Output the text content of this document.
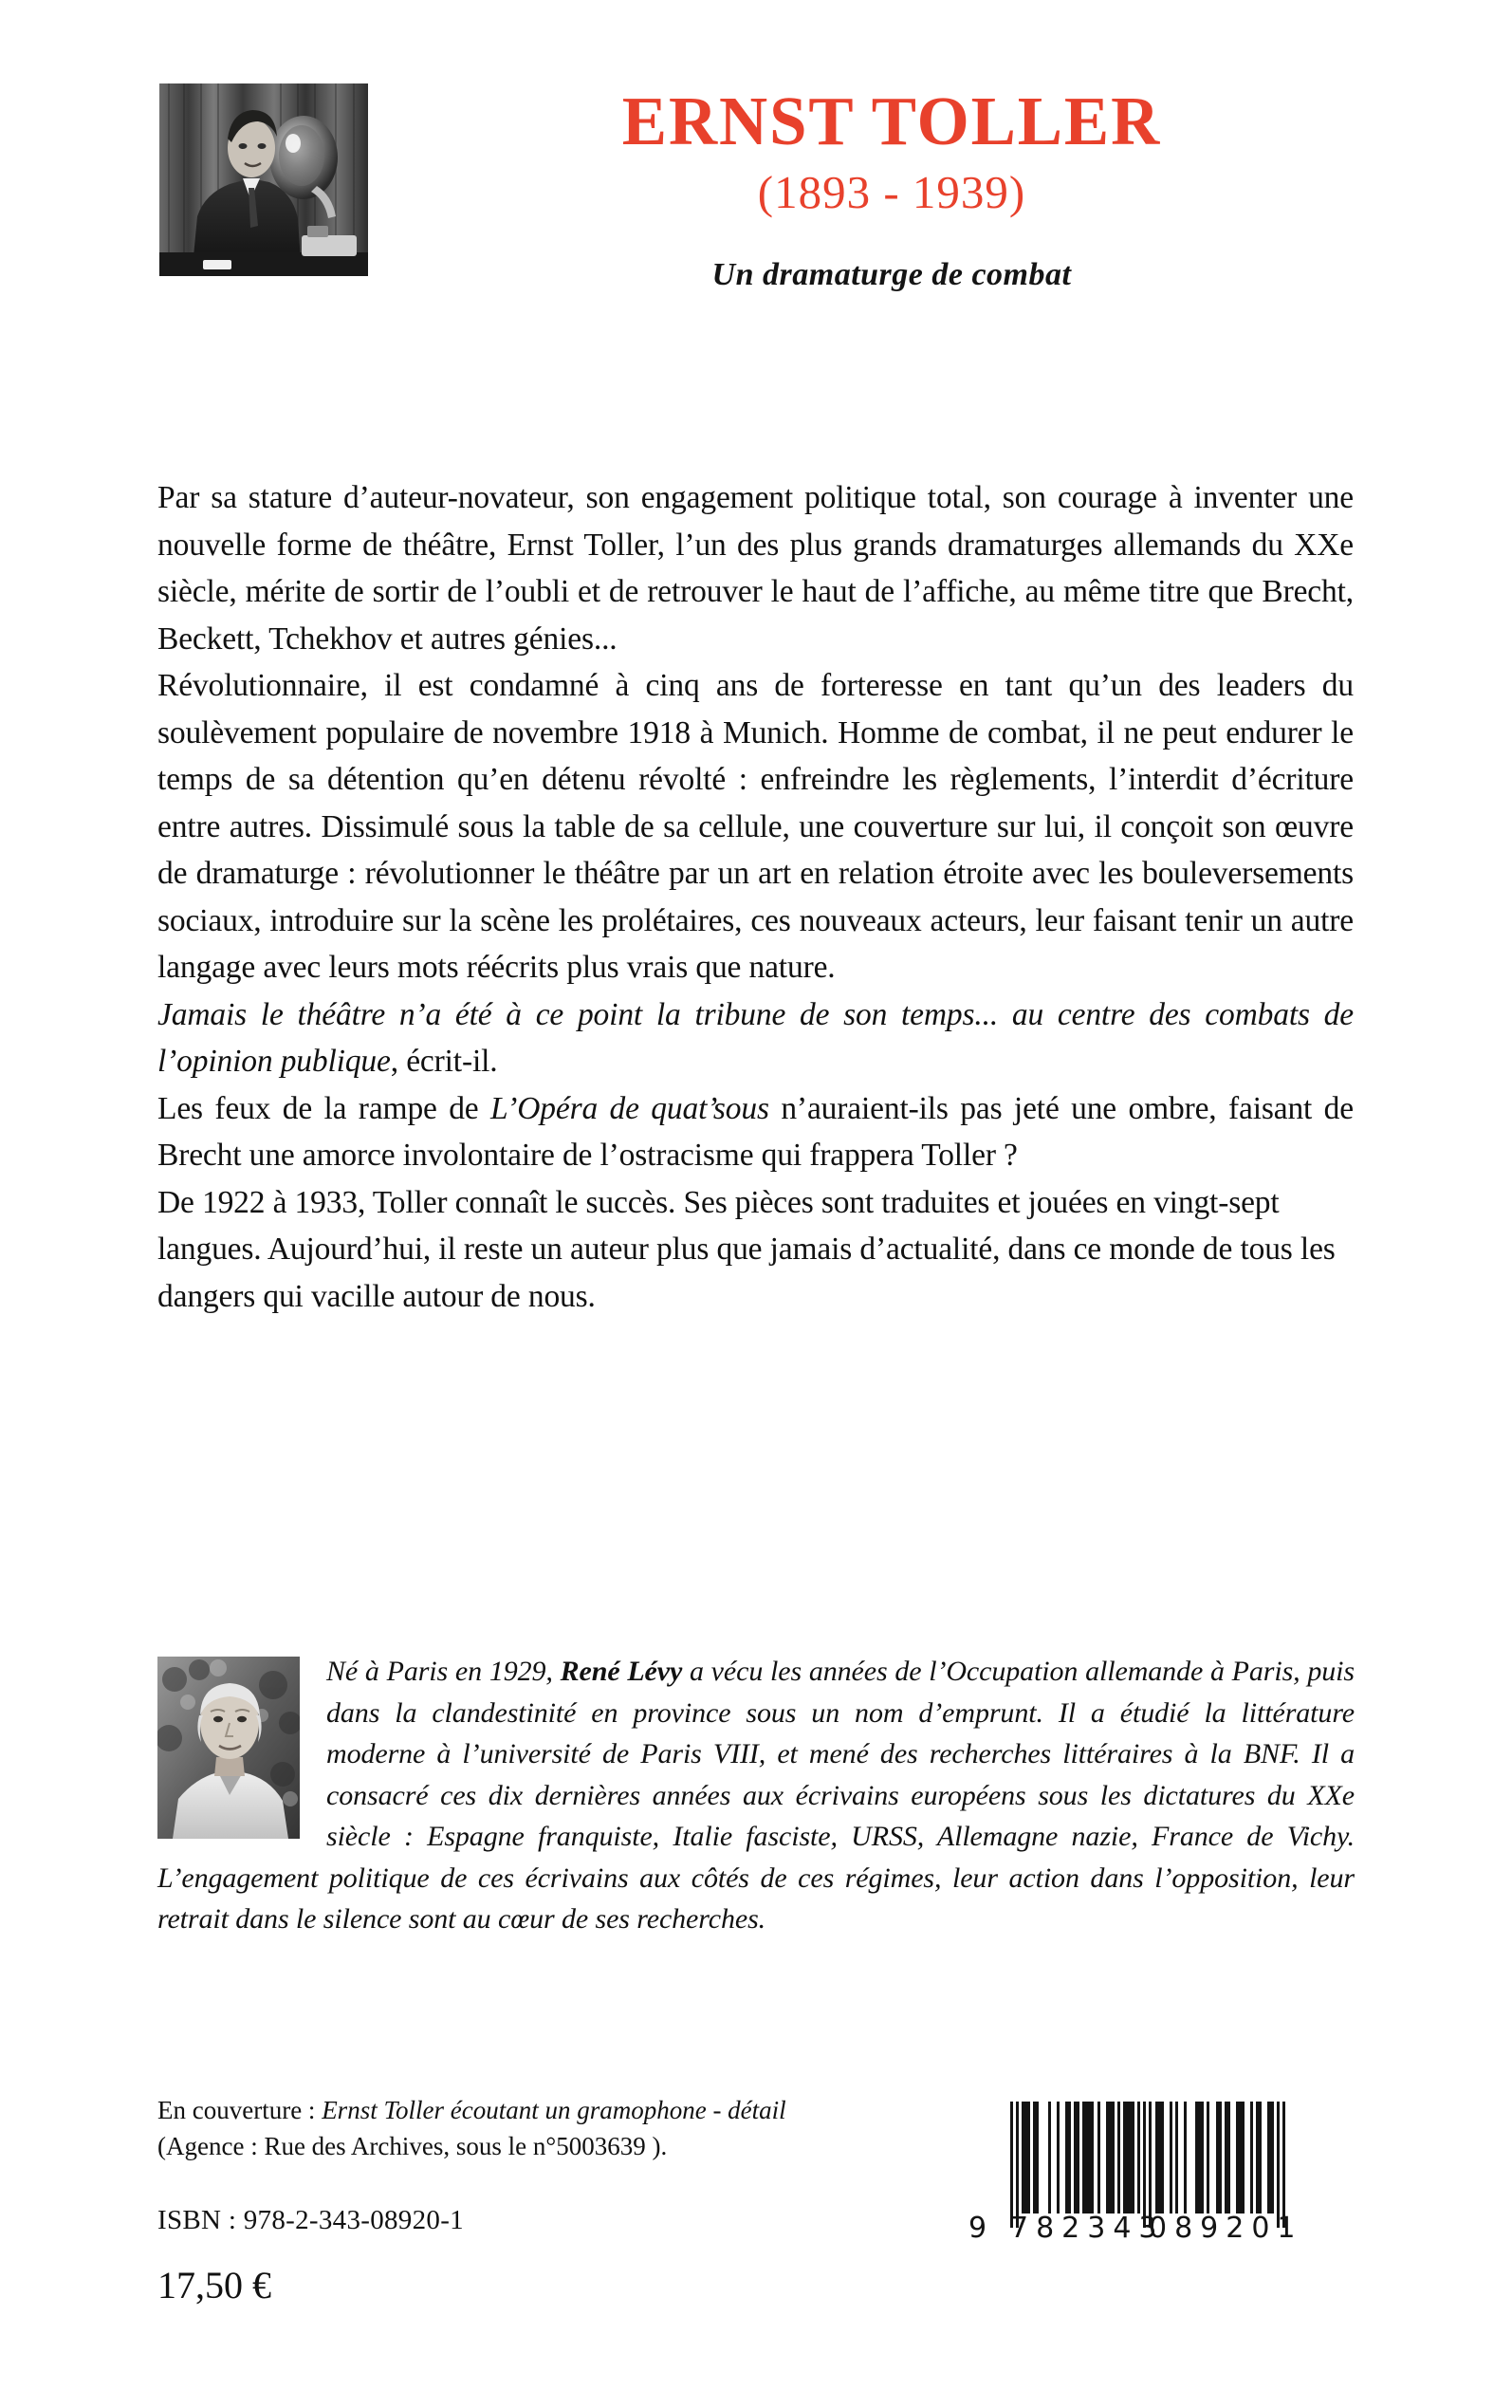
ERNST TOLLER
(1893 - 1939)
Un dramaturge de combat

Par sa stature d’auteur-novateur, son engagement politique total, son courage à inventer une nouvelle forme de théâtre, Ernst Toller, l’un des plus grands dramaturges allemands du XXe siècle, mérite de sortir de l’oubli et de retrouver le haut de l’affiche, au même titre que Brecht, Beckett, Tchekhov et autres génies...

Révolutionnaire, il est condamné à cinq ans de forteresse en tant qu’un des leaders du soulèvement populaire de novembre 1918 à Munich. Homme de combat, il ne peut endurer le temps de sa détention qu’en détenu révolté : enfreindre les règlements, l’interdit d’écriture entre autres. Dissimulé sous la table de sa cellule, une couverture sur lui, il conçoit son œuvre de dramaturge : révolutionner le théâtre par un art en relation étroite avec les bouleversements sociaux, introduire sur la scène les prolétaires, ces nouveaux acteurs, leur faisant tenir un autre langage avec leurs mots réécrits plus vrais que nature.

Jamais le théâtre n’a été à ce point la tribune de son temps... au centre des combats de l’opinion publique, écrit-il.

Les feux de la rampe de L’Opéra de quat’sous n’auraient-ils pas jeté une ombre, faisant de Brecht une amorce involontaire de l’ostracisme qui frappera Toller ?

De 1922 à 1933, Toller connaît le succès. Ses pièces sont traduites et jouées en vingt-sept langues. Aujourd’hui, il reste un auteur plus que jamais d’actualité, dans ce monde de tous les dangers qui vacille autour de nous.

Né à Paris en 1929, René Lévy a vécu les années de l’Occupation allemande à Paris, puis dans la clandestinité en province sous un nom d’emprunt. Il a étudié la littérature moderne à l’université de Paris VIII, et mené des recherches littéraires à la BNF. Il a consacré ces dix dernières années aux écrivains européens sous les dictatures du XXe siècle : Espagne franquiste, Italie fasciste, URSS, Allemagne nazie, France de Vichy. L’engagement politique de ces écrivains aux côtés de ces régimes, leur action dans l’opposition, leur retrait dans le silence sont au cœur de ses recherches.
En couverture : Ernst Toller écoutant un gramophone - détail
(Agence : Rue des Archives, sous le n°5003639 ).
ISBN : 978-2-343-08920-1
17,50 €
9 782343
089201
